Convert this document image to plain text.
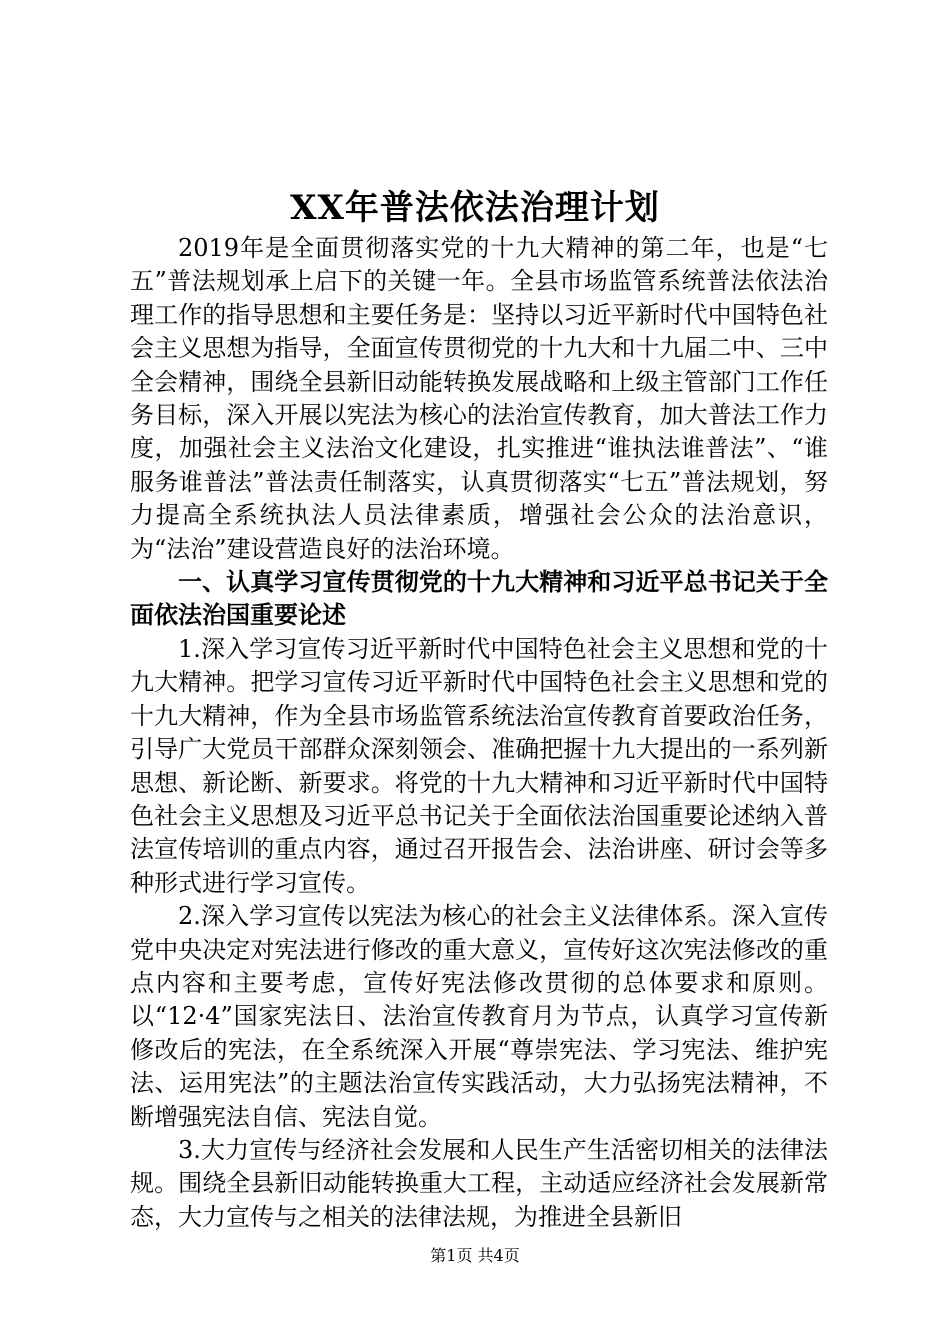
XX年普法依法治理计划

2019年是全面贯彻落实党的十九大精神的第二年，也是“七五”普法规划承上启下的关键一年。全县市场监管系统普法依法治理工作的指导思想和主要任务是：坚持以习近平新时代中国特色社会主义思想为指导，全面宣传贯彻党的十九大和十九届二中、三中全会精神，围绕全县新旧动能转换发展战略和上级主管部门工作任务目标，深入开展以宪法为核心的法治宣传教育，加大普法工作力度，加强社会主义法治文化建设，扎实推进“谁执法谁普法”、“谁服务谁普法”普法责任制落实，认真贯彻落实“七五”普法规划，努力提高全系统执法人员法律素质，增强社会公众的法治意识，为“法治”建设营造良好的法治环境。

一、认真学习宣传贯彻党的十九大精神和习近平总书记关于全面依法治国重要论述

1.深入学习宣传习近平新时代中国特色社会主义思想和党的十九大精神。把学习宣传习近平新时代中国特色社会主义思想和党的十九大精神，作为全县市场监管系统法治宣传教育首要政治任务，引导广大党员干部群众深刻领会、准确把握十九大提出的一系列新思想、新论断、新要求。将党的十九大精神和习近平新时代中国特色社会主义思想及习近平总书记关于全面依法治国重要论述纳入普法宣传培训的重点内容，通过召开报告会、法治讲座、研讨会等多种形式进行学习宣传。

2.深入学习宣传以宪法为核心的社会主义法律体系。深入宣传党中央决定对宪法进行修改的重大意义，宣传好这次宪法修改的重点内容和主要考虑，宣传好宪法修改贯彻的总体要求和原则。以“12·4”国家宪法日、法治宣传教育月为节点，认真学习宣传新修改后的宪法，在全系统深入开展“尊崇宪法、学习宪法、维护宪法、运用宪法”的主题法治宣传实践活动，大力弘扬宪法精神，不断增强宪法自信、宪法自觉。

3.大力宣传与经济社会发展和人民生产生活密切相关的法律法规。围绕全县新旧动能转换重大工程，主动适应经济社会发展新常态，大力宣传与之相关的法律法规，为推进全县新旧

第1页 共4页
